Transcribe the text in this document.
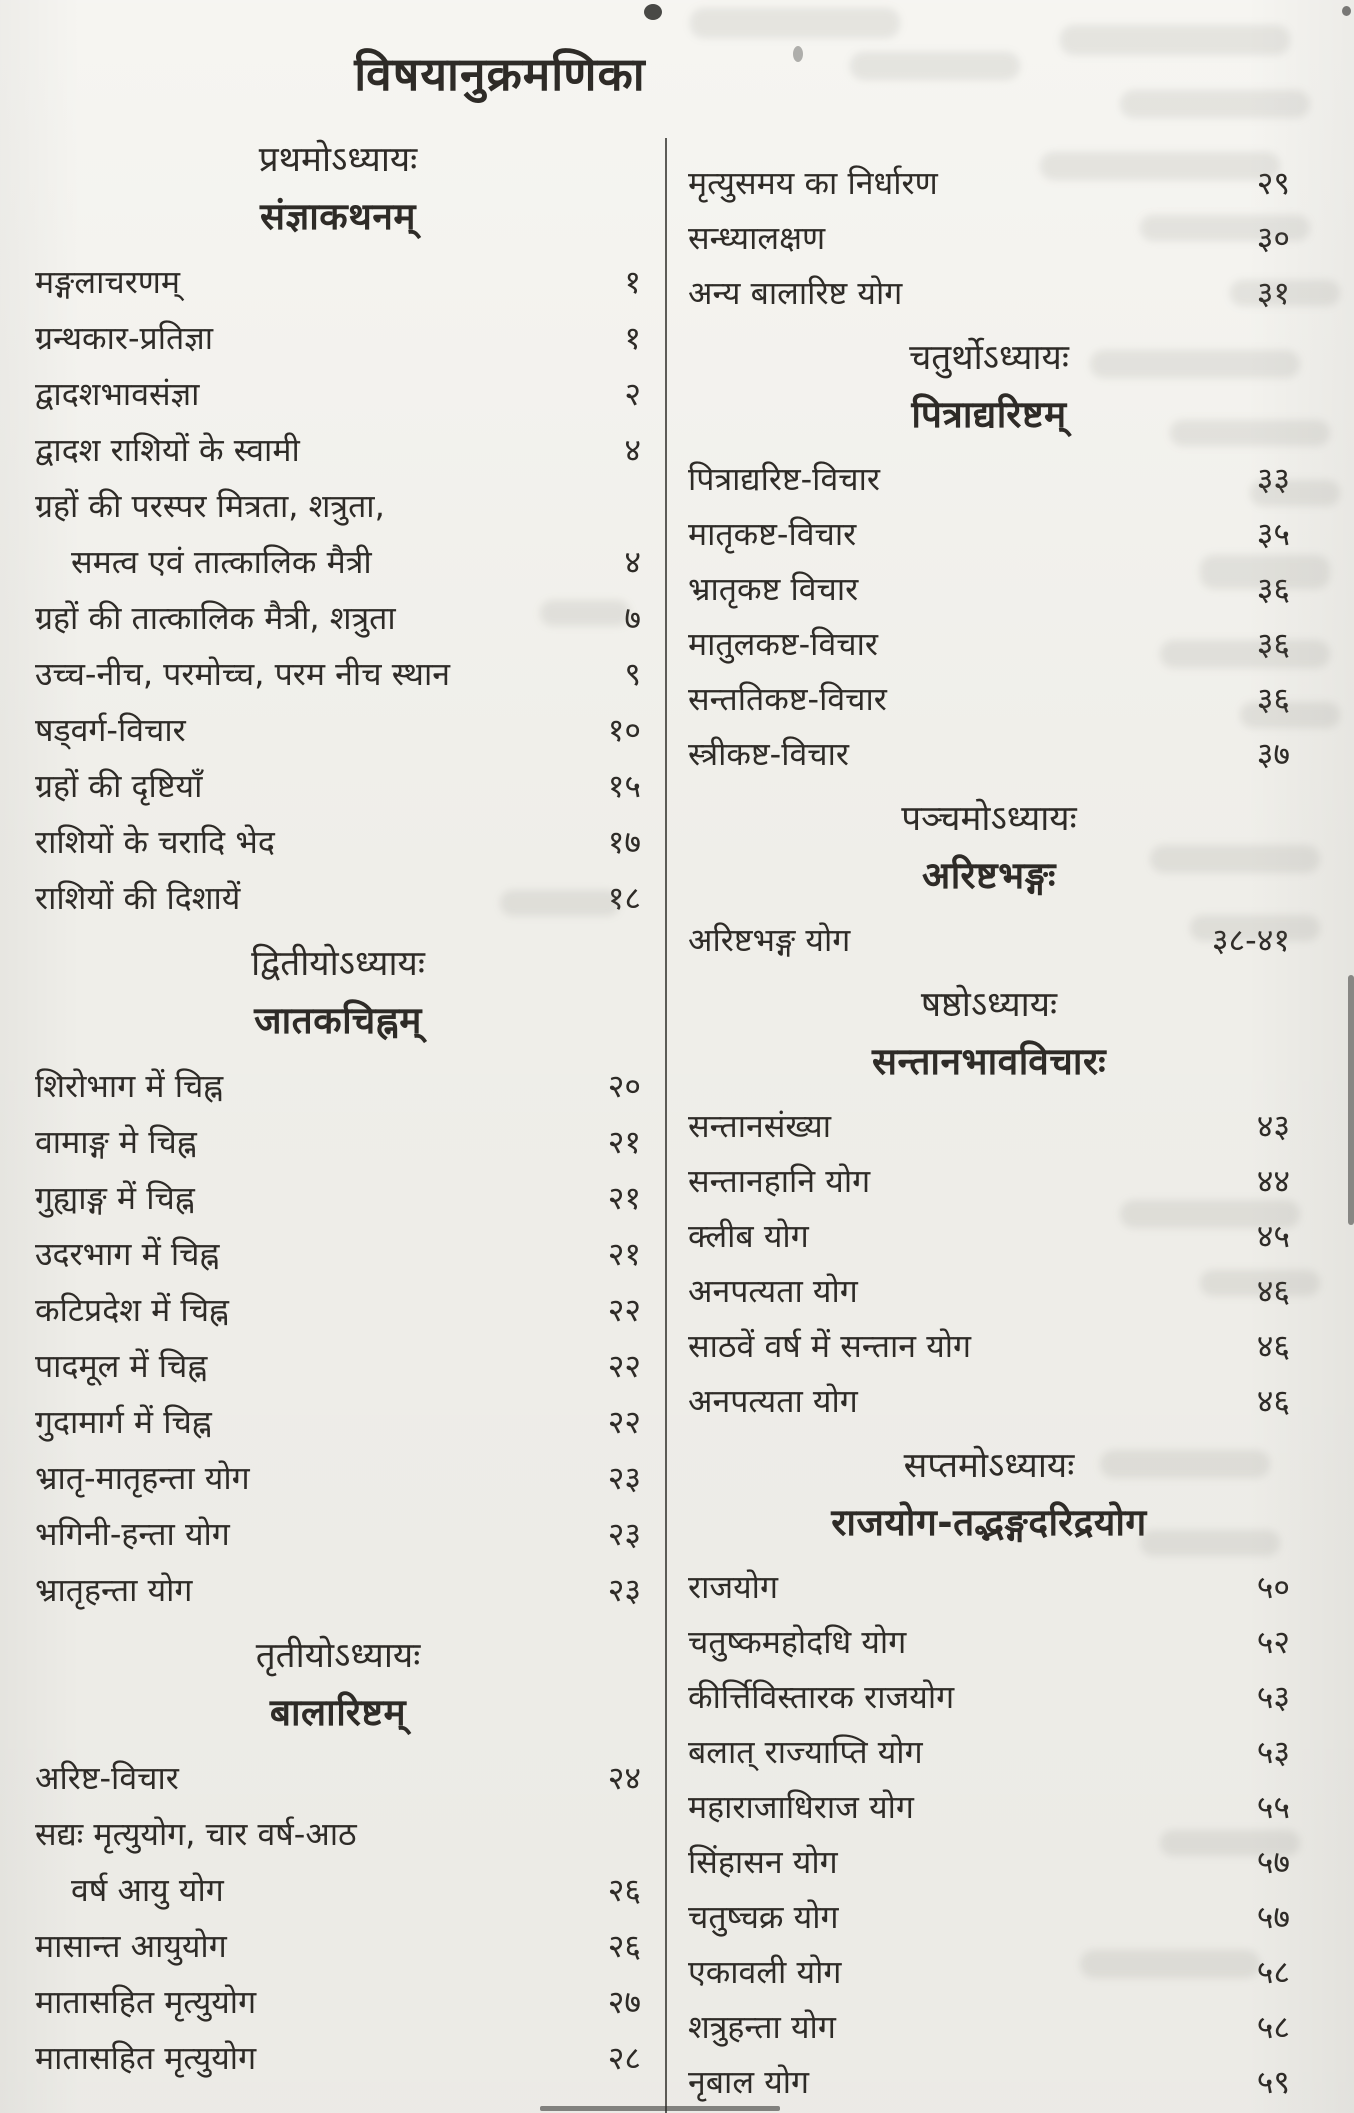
विषयानुक्रमणिका
प्रथमोऽध्यायः
संज्ञाकथनम्
मङ्गलाचरणम्	१
ग्रन्थकार-प्रतिज्ञा	१
द्वादशभावसंज्ञा	२
द्वादश राशियों के स्वामी	४
ग्रहों की परस्पर मित्रता, शत्रुता,
समत्व एवं तात्कालिक मैत्री	४
ग्रहों की तात्कालिक मैत्री, शत्रुता	७
उच्च-नीच, परमोच्च, परम नीच स्थान	९
षड्वर्ग-विचार	१०
ग्रहों की दृष्टियाँ	१५
राशियों के चरादि भेद	१७
राशियों की दिशायें	१८
द्वितीयोऽध्यायः
जातकचिह्नम्
शिरोभाग में चिह्न	२०
वामाङ्ग मे चिह्न	२१
गुह्याङ्ग में चिह्न	२१
उदरभाग में चिह्न	२१
कटिप्रदेश में चिह्न	२२
पादमूल में चिह्न	२२
गुदामार्ग में चिह्न	२२
भ्रातृ-मातृहन्ता योग	२३
भगिनी-हन्ता योग	२३
भ्रातृहन्ता योग	२३
तृतीयोऽध्यायः
बालारिष्टम्
अरिष्ट-विचार	२४
सद्यः मृत्युयोग, चार वर्ष-आठ
वर्ष आयु योग	२६
मासान्त आयुयोग	२६
मातासहित मृत्युयोग	२७
मातासहित मृत्युयोग	२८
मृत्युसमय का निर्धारण	२९
सन्ध्यालक्षण	३०
अन्य बालारिष्ट योग	३१
चतुर्थोऽध्यायः
पित्राद्यरिष्टम्
पित्राद्यरिष्ट-विचार	३३
मातृकष्ट-विचार	३५
भ्रातृकष्ट विचार	३६
मातुलकष्ट-विचार	३६
सन्ततिकष्ट-विचार	३६
स्त्रीकष्ट-विचार	३७
पञ्चमोऽध्यायः
अरिष्टभङ्गः
अरिष्टभङ्ग योग	३८-४१
षष्ठोऽध्यायः
सन्तानभावविचारः
सन्तानसंख्या	४३
सन्तानहानि योग	४४
क्लीब योग	४५
अनपत्यता योग	४६
साठवें वर्ष में सन्तान योग	४६
अनपत्यता योग	४६
सप्तमोऽध्यायः
राजयोग-तद्भङ्गदरिद्रयोग
राजयोग	५०
चतुष्कमहोदधि योग	५२
कीर्त्तिविस्तारक राजयोग	५३
बलात् राज्याप्ति योग	५३
महाराजाधिराज योग	५५
सिंहासन योग	५७
चतुष्चक्र योग	५७
एकावली योग	५८
शत्रुहन्ता योग	५८
नृबाल योग	५९
